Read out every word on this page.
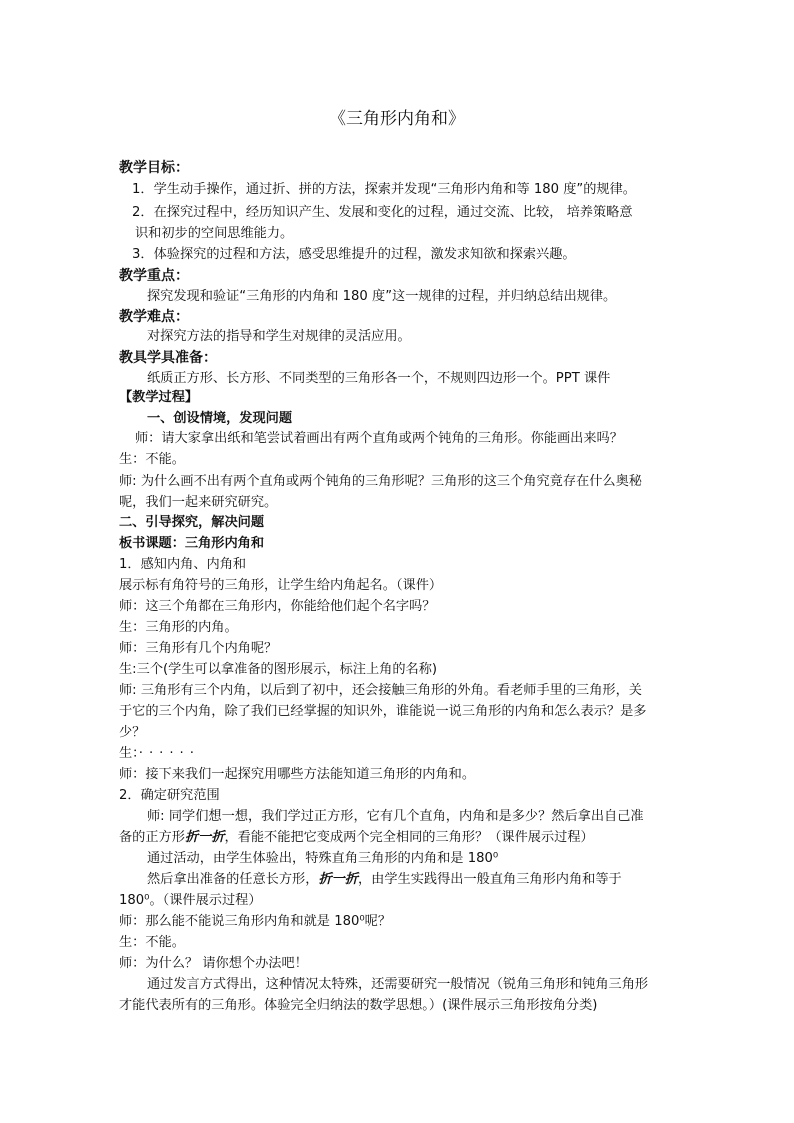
《三角形内角和》
教学目标：
1．学生动手操作，通过折、拼的方法，探索并发现“三角形内角和等 180 度”的规律。
2．在探究过程中，经历知识产生、发展和变化的过程，通过交流、比较， 培养策略意
识和初步的空间思维能力。
3．体验探究的过程和方法，感受思维提升的过程，激发求知欲和探索兴趣。
教学重点：
探究发现和验证“三角形的内角和 180 度”这一规律的过程，并归纳总结出规律。
教学难点：
对探究方法的指导和学生对规律的灵活应用。
教具学具准备：
纸质正方形、长方形、不同类型的三角形各一个，不规则四边形一个。PPT 课件
【教学过程】
一、创设情境，发现问题
师：请大家拿出纸和笔尝试着画出有两个直角或两个钝角的三角形。你能画出来吗？
生：不能。
师: 为什么画不出有两个直角或两个钝角的三角形呢？三角形的这三个角究竟存在什么奥秘
呢，我们一起来研究研究。
二、引导探究，解决问题
板书课题：三角形内角和
1．感知内角、内角和
展示标有角符号的三角形，让学生给内角起名。（课件）
师：这三个角都在三角形内，你能给他们起个名字吗？
生：三角形的内角。
师：三角形有几个内角呢？
生:三个(学生可以拿准备的图形展示，标注上角的名称)
师: 三角形有三个内角，以后到了初中，还会接触三角形的外角。看老师手里的三角形，关
于它的三个内角，除了我们已经掌握的知识外，谁能说一说三角形的内角和怎么表示？是多
少？
生：······
师：接下来我们一起探究用哪些方法能知道三角形的内角和。
2．确定研究范围
师: 同学们想一想，我们学过正方形，它有几个直角，内角和是多少？然后拿出自己准
备的正方形折一折，看能不能把它变成两个完全相同的三角形？（课件展示过程）
通过活动，由学生体验出，特殊直角三角形的内角和是 180⁰
然后拿出准备的任意长方形，折一折，由学生实践得出一般直角三角形内角和等于
180⁰。（课件展示过程）
师：那么能不能说三角形内角和就是 180⁰呢？
生：不能。
师：为什么？ 请你想个办法吧！
通过发言方式得出，这种情况太特殊，还需要研究一般情况（锐角三角形和钝角三角形
才能代表所有的三角形。体验完全归纳法的数学思想。）(课件展示三角形按角分类)
